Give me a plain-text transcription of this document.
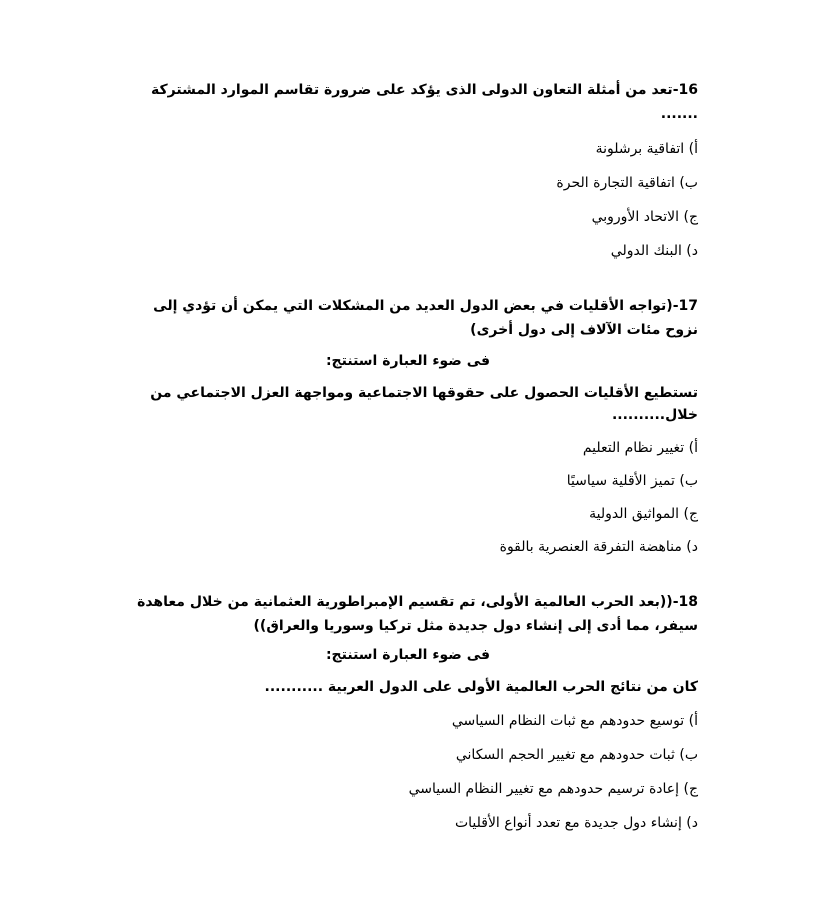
16-تعد من أمثلة التعاون الدولى الذى يؤكد على ضرورة تقاسم الموارد المشتركة .......

أ) اتفاقية برشلونة

ب) اتفاقية التجارة الحرة

ج) الاتحاد الأوروبي

د) البنك الدولي

17-(تواجه الأقليات في بعض الدول العديد من المشكلات التي يمكن أن تؤدي إلى نزوح مئات الآلاف إلى دول أخرى)

فى ضوء العبارة استنتج:

تستطيع الأقليات الحصول على حقوقها الاجتماعية ومواجهة العزل الاجتماعي من خلال..........

أ) تغيير نظام التعليم

ب) تميز الأقلية سياسيًا

ج) المواثيق الدولية

د) مناهضة التفرقة العنصرية بالقوة

18-((بعد الحرب العالمية الأولى، تم تقسيم الإمبراطورية العثمانية من خلال معاهدة سيفر، مما أدى إلى إنشاء دول جديدة مثل تركيا وسوريا والعراق))

فى ضوء العبارة استنتج:

كان من نتائج الحرب العالمية الأولى على الدول العربية ...........

أ) توسيع حدودهم مع ثبات النظام السياسي

ب) ثبات حدودهم مع تغيير الحجم السكاني

ج) إعادة ترسيم حدودهم مع تغيير النظام السياسي

د) إنشاء دول جديدة مع تعدد أنواع الأقليات
